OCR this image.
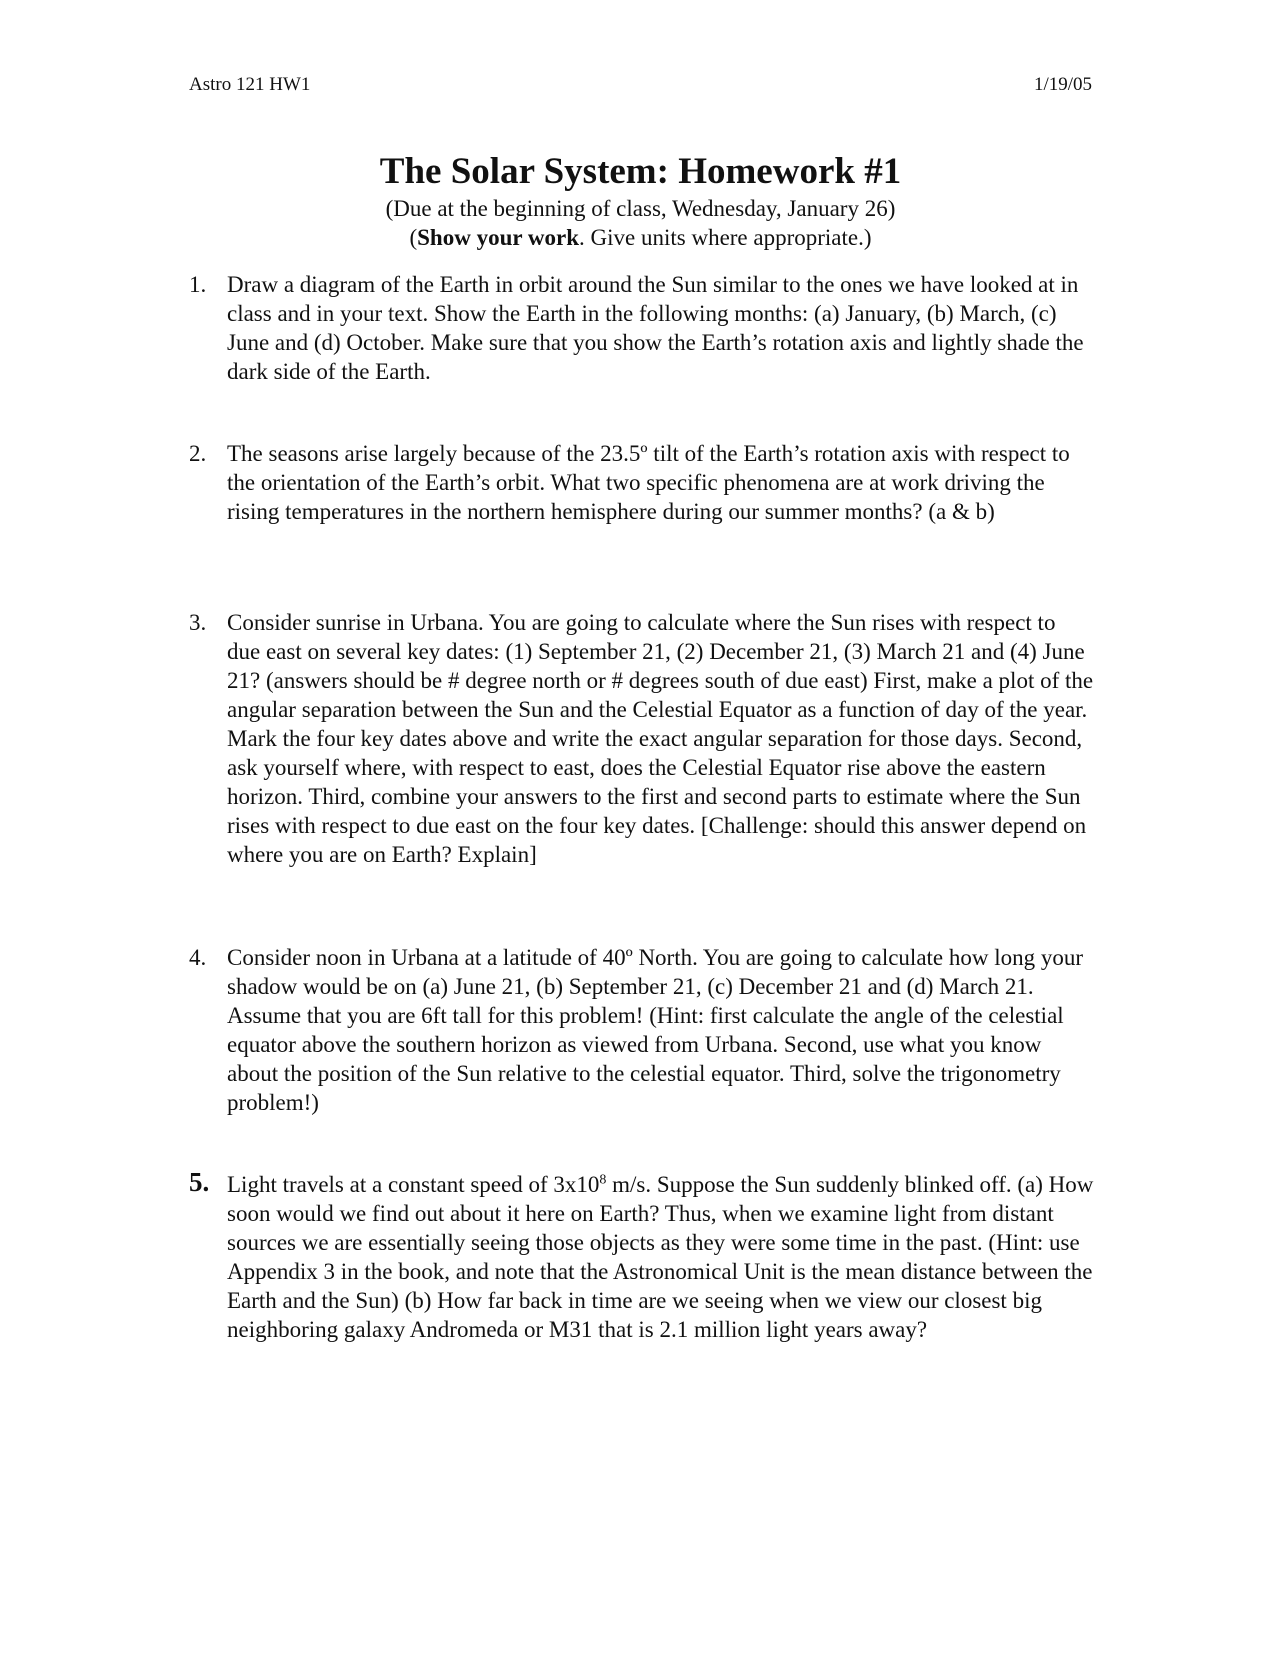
Astro 121 HW1	1/19/05
The Solar System: Homework #1

(Due at the beginning of class, Wednesday, January 26)

(Show your work. Give units where appropriate.)

1. Draw a diagram of the Earth in orbit around the Sun similar to the ones we have looked at in class and in your text. Show the Earth in the following months: (a) January, (b) March, (c) June and (d) October. Make sure that you show the Earth’s rotation axis and lightly shade the dark side of the Earth.
2. The seasons arise largely because of the 23.5º tilt of the Earth’s rotation axis with respect to the orientation of the Earth’s orbit. What two specific phenomena are at work driving the rising temperatures in the northern hemisphere during our summer months? (a & b)
3. Consider sunrise in Urbana. You are going to calculate where the Sun rises with respect to due east on several key dates: (1) September 21, (2) December 21, (3) March 21 and (4) June 21? (answers should be # degree north or # degrees south of due east) First, make a plot of the angular separation between the Sun and the Celestial Equator as a function of day of the year. Mark the four key dates above and write the exact angular separation for those days. Second, ask yourself where, with respect to east, does the Celestial Equator rise above the eastern horizon. Third, combine your answers to the first and second parts to estimate where the Sun rises with respect to due east on the four key dates. [Challenge: should this answer depend on where you are on Earth? Explain]
4. Consider noon in Urbana at a latitude of 40º North. You are going to calculate how long your shadow would be on (a) June 21, (b) September 21, (c) December 21 and (d) March 21. Assume that you are 6ft tall for this problem! (Hint: first calculate the angle of the celestial equator above the southern horizon as viewed from Urbana. Second, use what you know about the position of the Sun relative to the celestial equator. Third, solve the trigonometry problem!)
5. Light travels at a constant speed of $3x10^8$ m/s. Suppose the Sun suddenly blinked off. (a) How soon would we find out about it here on Earth? Thus, when we examine light from distant sources we are essentially seeing those objects as they were some time in the past. (Hint: use Appendix 3 in the book, and note that the Astronomical Unit is the mean distance between the Earth and the Sun) (b) How far back in time are we seeing when we view our closest big neighboring galaxy Andromeda or M31 that is 2.1 million light years away?
